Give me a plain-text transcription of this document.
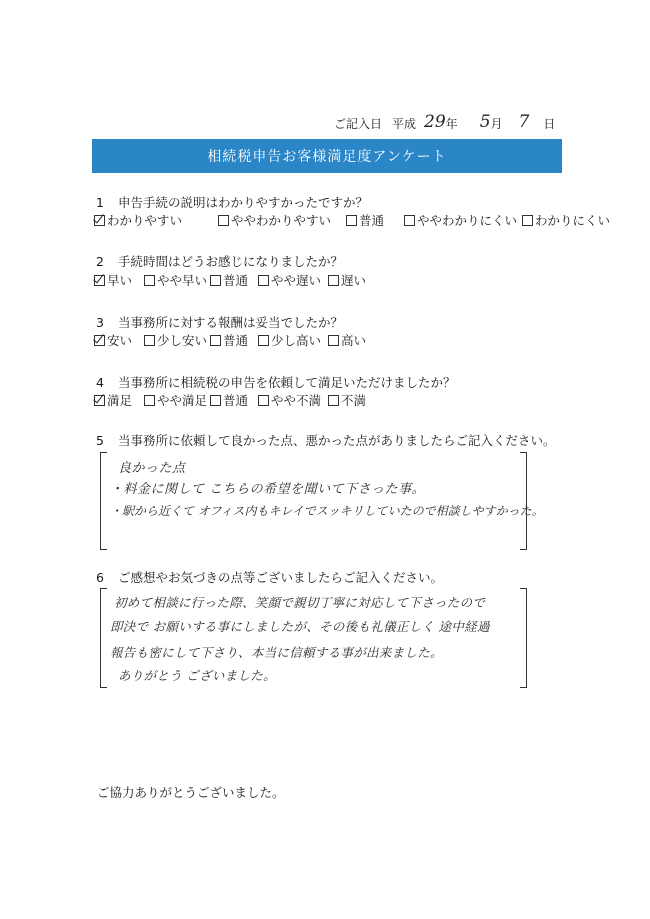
ご記入日 平成 29 年 5 月 7 日
相続税申告お客様満足度アンケート
1 申告手続の説明はわかりやすかったですか？
わかりやすい	ややわかりやすい 普通	ややわかりにくい わかりにくい
2 手続時間はどうお感じになりましたか？
早い やや早い 普通 やや遅い 遅い
3 当事務所に対する報酬は妥当でしたか？
安い 少し安い 普通 少し高い 高い
4 当事務所に相続税の申告を依頼して満足いただけましたか？
満足 やや満足 普通 やや不満 不満
5 当事務所に依頼して良かった点、悪かった点がありましたらご記入ください。
良かった点
・料金に関して こちらの希望を聞いて下さった事。
・駅から近くて オフィス内もキレイでスッキリしていたので相談しやすかった。
6 ご感想やお気づきの点等ございましたらご記入ください。
初めて相談に行った際、笑顔で親切丁寧に対応して下さったので
即決で お願いする事にしましたが、その後も礼儀正しく 途中経過
報告も密にして下さり、本当に信頼する事が出来ました。
ありがとう ございました。
ご協力ありがとうございました。
